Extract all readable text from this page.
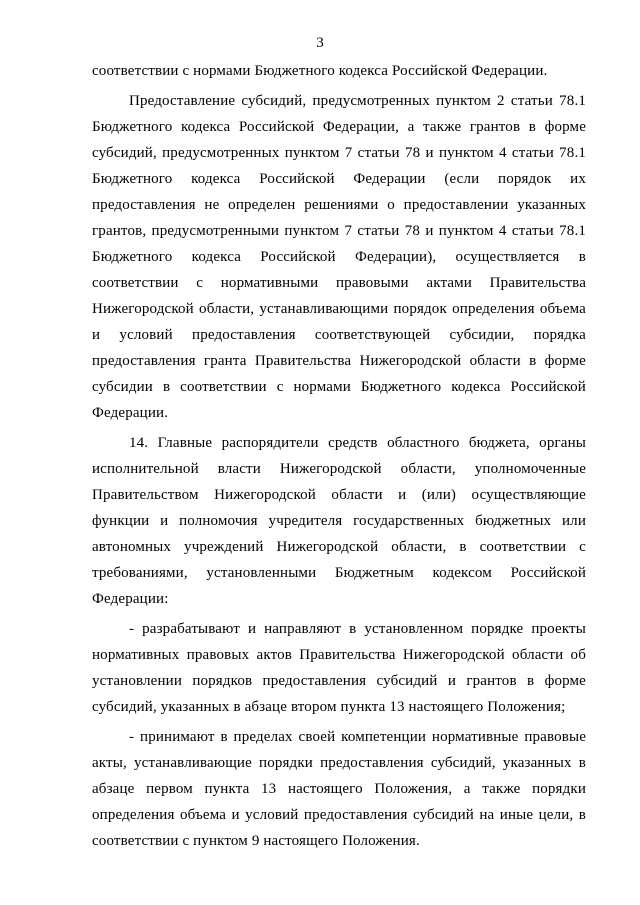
3

соответствии с нормами Бюджетного кодекса Российской Федерации.

Предоставление субсидий, предусмотренных пунктом 2 статьи 78.1 Бюджетного кодекса Российской Федерации, а также грантов в форме субсидий, предусмотренных пунктом 7 статьи 78 и пунктом 4 статьи 78.1 Бюджетного кодекса Российской Федерации (если порядок их предоставления не определен решениями о предоставлении указанных грантов, предусмотренными пунктом 7 статьи 78 и пунктом 4 статьи 78.1 Бюджетного кодекса Российской Федерации), осуществляется в соответствии с нормативными правовыми актами Правительства Нижегородской области, устанавливающими порядок определения объема и условий предоставления соответствующей субсидии, порядка предоставления гранта Правительства Нижегородской области в форме субсидии в соответствии с нормами Бюджетного кодекса Российской Федерации.

14. Главные распорядители средств областного бюджета, органы исполнительной власти Нижегородской области, уполномоченные Правительством Нижегородской области и (или) осуществляющие функции и полномочия учредителя государственных бюджетных или автономных учреждений Нижегородской области, в соответствии с требованиями, установленными Бюджетным кодексом Российской Федерации:

- разрабатывают и направляют в установленном порядке проекты нормативных правовых актов Правительства Нижегородской области об установлении порядков предоставления субсидий и грантов в форме субсидий, указанных в абзаце втором пункта 13 настоящего Положения;

- принимают в пределах своей компетенции нормативные правовые акты, устанавливающие порядки предоставления субсидий, указанных в абзаце первом пункта 13 настоящего Положения, а также порядки определения объема и условий предоставления субсидий на иные цели, в соответствии с пунктом 9 настоящего Положения.
